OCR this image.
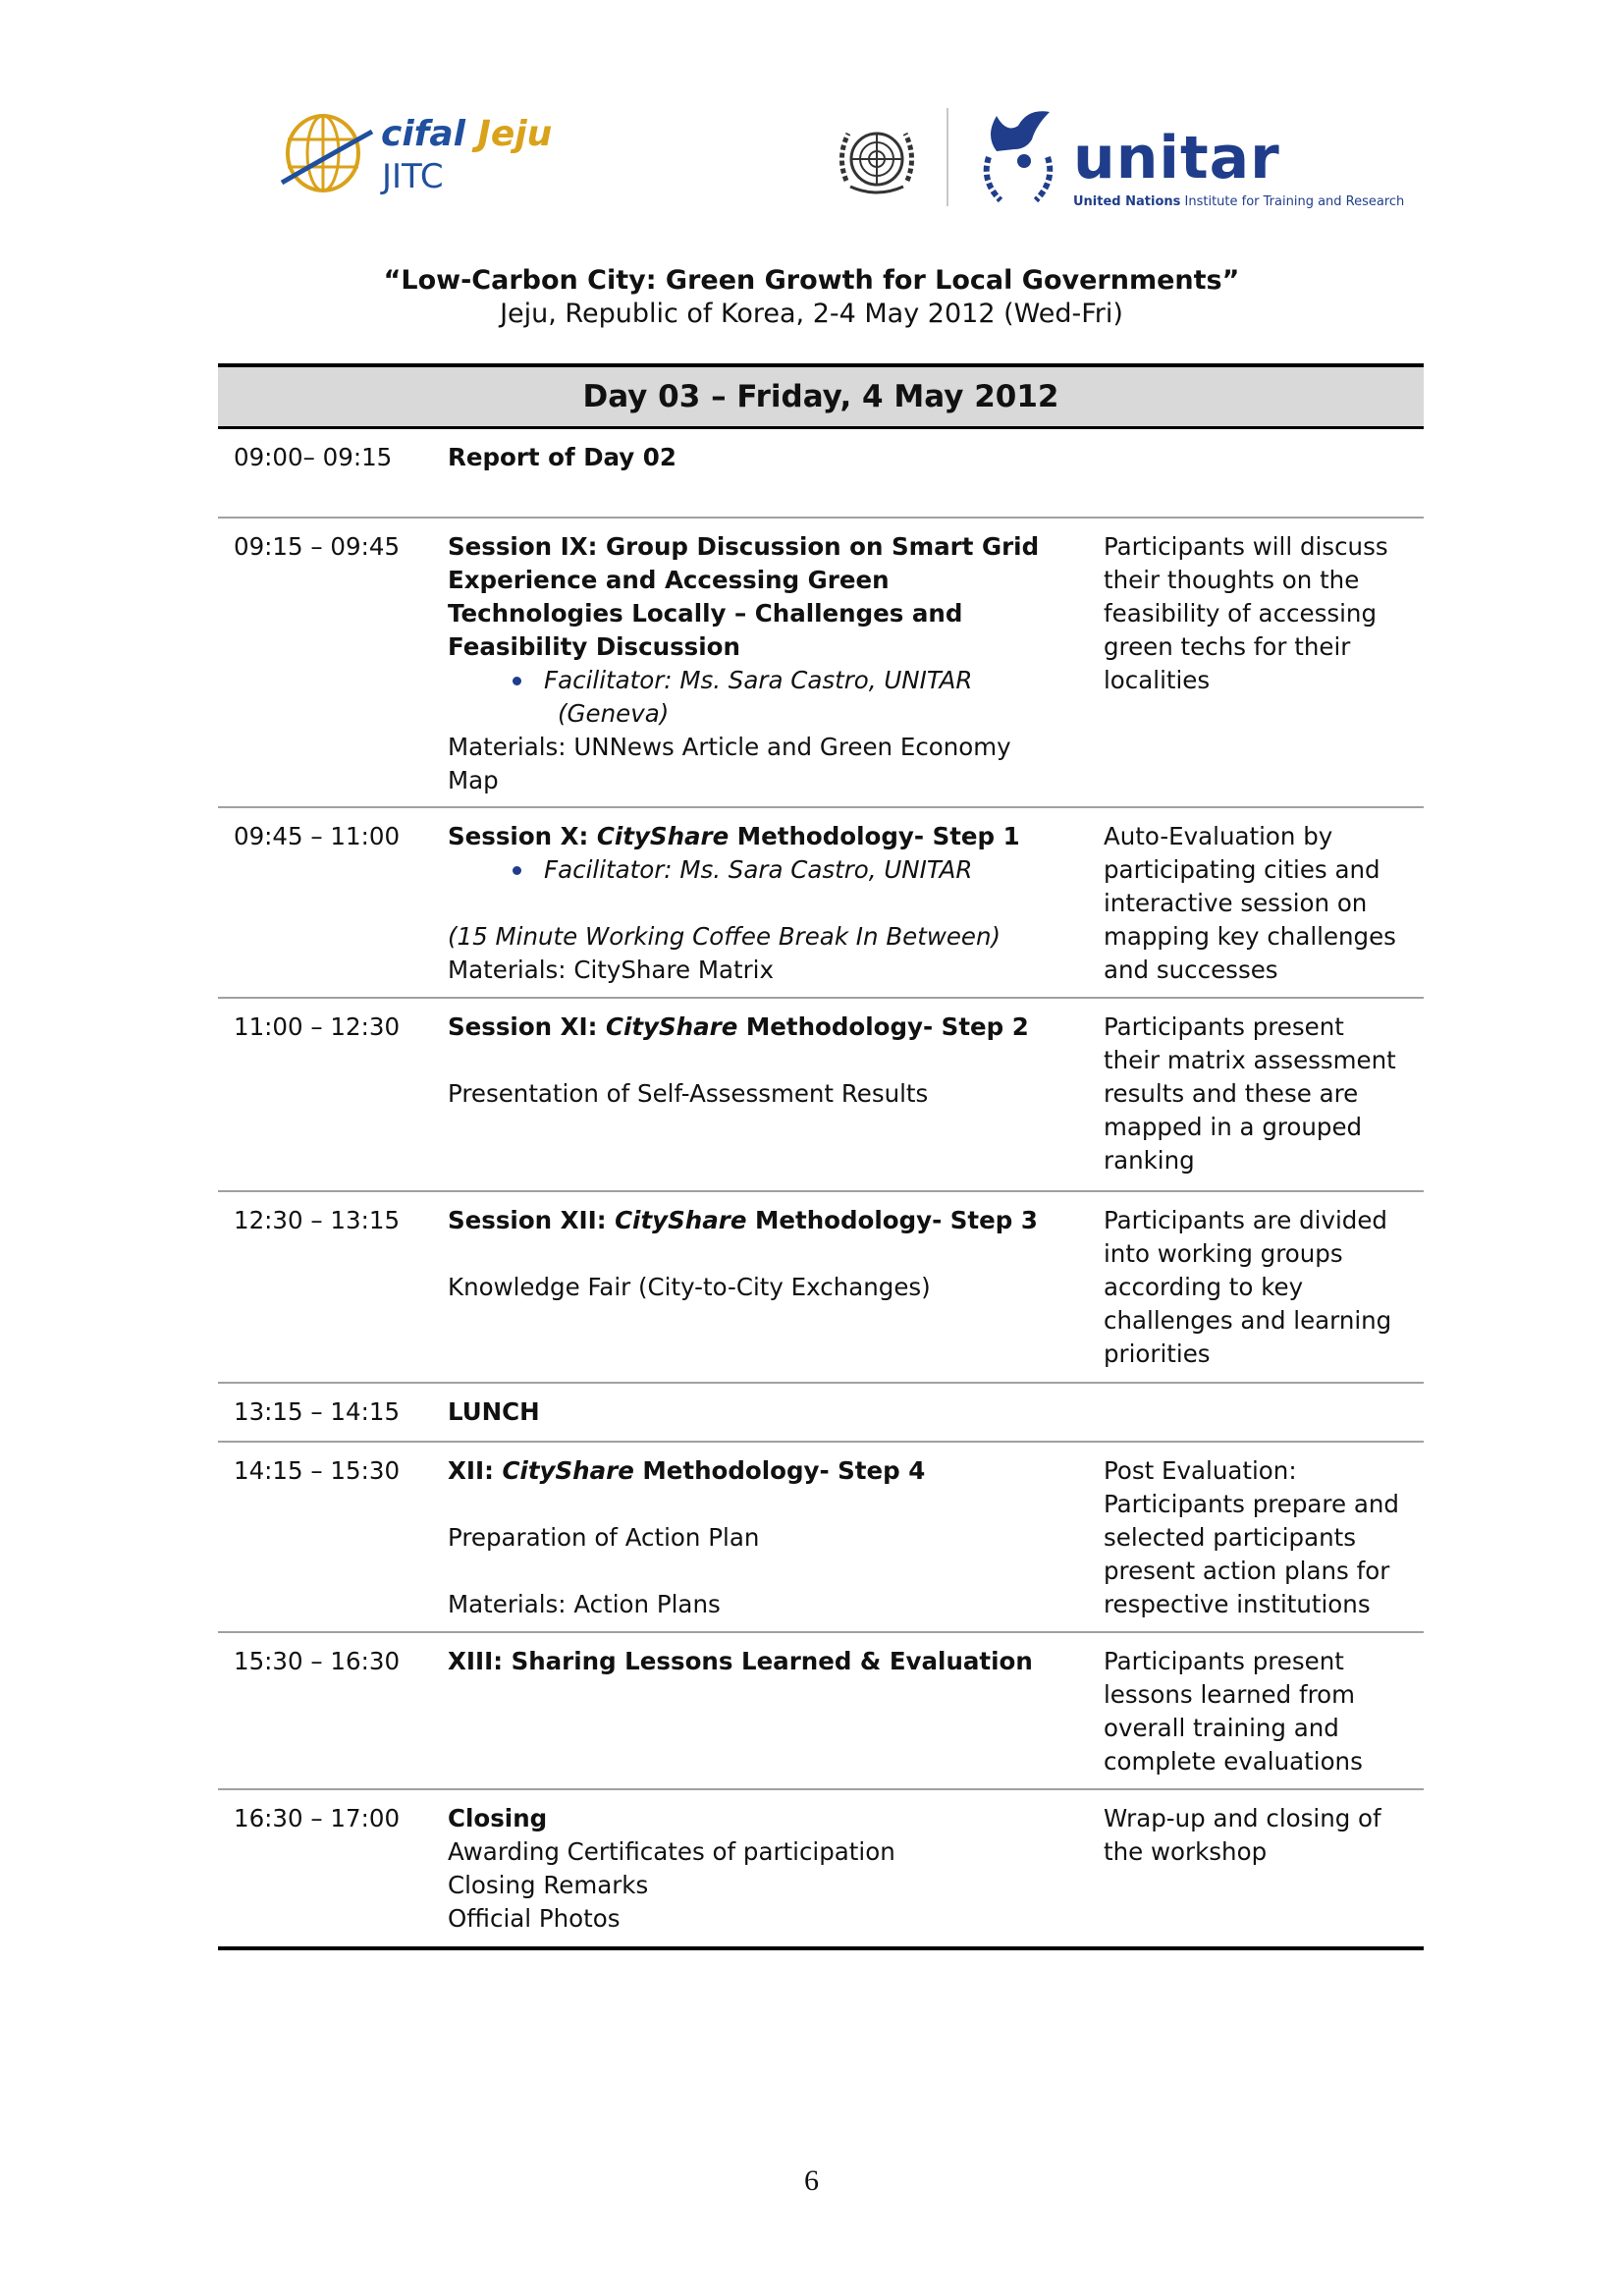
cifal Jeju
JITC	unitar
United Nations Institute for Training and Research
“Low-Carbon City: Green Growth for Local Governments”
Jeju, Republic of Korea, 2-4 May 2012 (Wed-Fri)
Day 03 – Friday, 4 May 2012
09:00– 09:15 Report of Day 02
09:15 – 09:45 Session IX: Group Discussion on Smart Grid
Experience and Accessing Green
Technologies Locally – Challenges and
Feasibility Discussion
Facilitator: Ms. Sara Castro, UNITAR
(Geneva)
Materials: UNNews Article and Green Economy
Map
Participants will discuss
their thoughts on the
feasibility of accessing
green techs for their
localities
09:45 – 11:00 Session X: CityShare Methodology- Step 1
Facilitator: Ms. Sara Castro, UNITAR
(15 Minute Working Coffee Break In Between)
Materials: CityShare Matrix
Auto-Evaluation by
participating cities and
interactive session on
mapping key challenges
and successes
11:00 – 12:30 Session XI: CityShare Methodology- Step 2
Presentation of Self-Assessment Results
Participants present
their matrix assessment
results and these are
mapped in a grouped
ranking
12:30 – 13:15 Session XII: CityShare Methodology- Step 3
Knowledge Fair (City-to-City Exchanges)
Participants are divided
into working groups
according to key
challenges and learning
priorities
13:15 – 14:15 LUNCH
14:15 – 15:30 XII: CityShare Methodology- Step 4
Preparation of Action Plan
Materials: Action Plans
Post Evaluation:
Participants prepare and
selected participants
present action plans for
respective institutions
15:30 – 16:30 XIII: Sharing Lessons Learned & Evaluation	Participants present
lessons learned from
overall training and
complete evaluations
16:30 – 17:00 Closing
Awarding Certificates of participation
Closing Remarks
Official Photos
Wrap-up and closing of
the workshop
6
